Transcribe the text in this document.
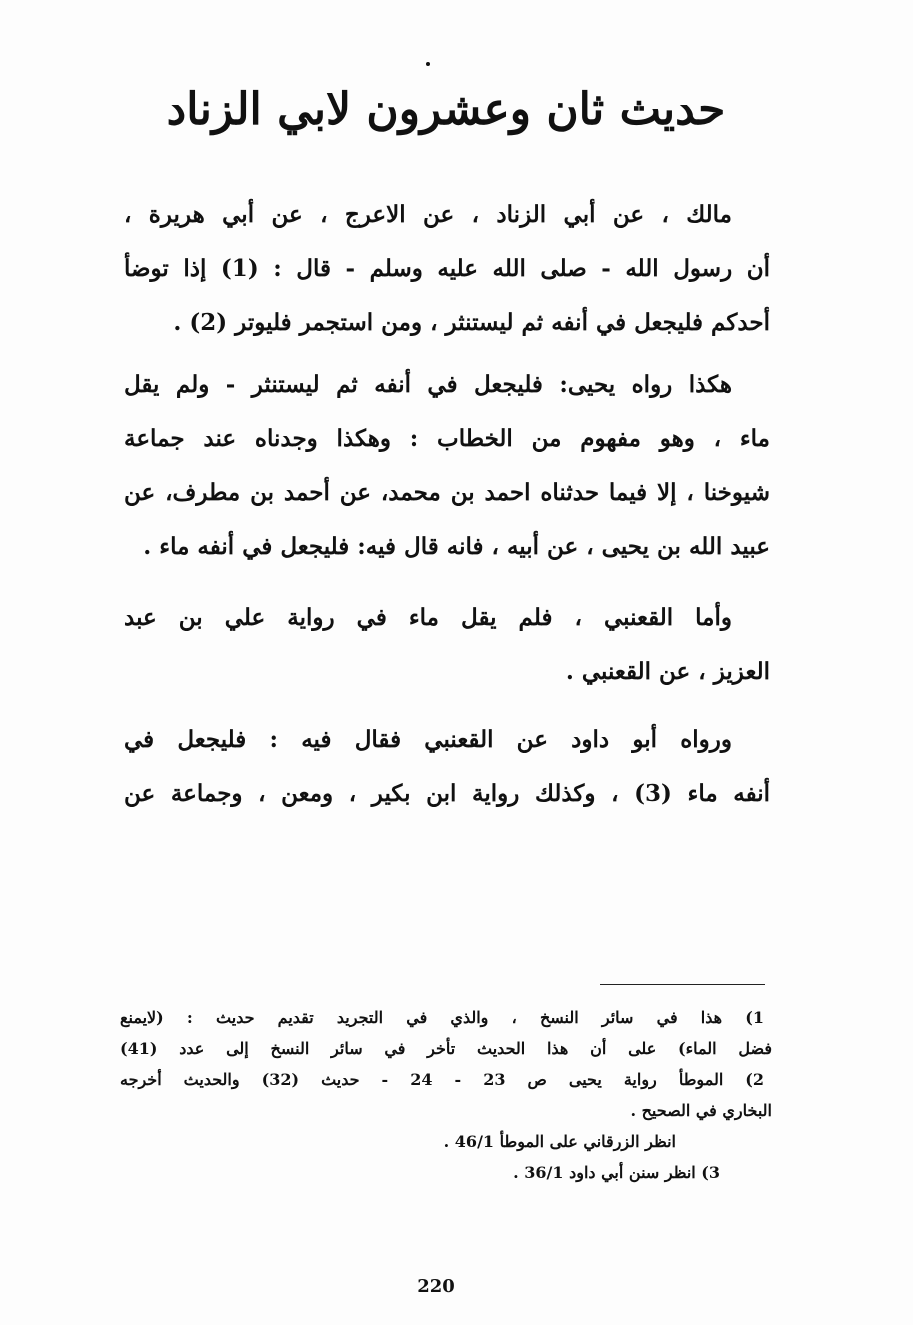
حديث ثان وعشرون لابي الزناد
مالك ، عن أبي الزناد ، عن الاعرج ، عن أبي هريرة ،
أن رسول الله - صلى الله عليه وسلم - قال : (1) إذا توضأ
أحدكم فليجعل في أنفه ثم ليستنثر ، ومن استجمر فليوتر (2) .
هكذا رواه يحيى: فليجعل في أنفه ثم ليستنثر - ولم يقل
ماء ، وهو مفهوم من الخطاب : وهكذا وجدناه عند جماعة
شيوخنا ، إلا فيما حدثناه احمد بن محمد، عن أحمد بن مطرف، عن
عبيد الله بن يحيى ، عن أبيه ، فانه قال فيه: فليجعل في أنفه ماء .
وأما القعنبي ، فلم يقل ماء في رواية علي بن عبد
العزيز ، عن القعنبي .
ورواه أبو داود عن القعنبي فقال فيه : فليجعل في
أنفه ماء (3) ، وكذلك رواية ابن بكير ، ومعن ، وجماعة عن
1) هذا في سائر النسخ ، والذي في التجريد تقديم حديث : (لايمنع
فضل الماء) على أن هذا الحديث تأخر في سائر النسخ إلى عدد (41)
2) الموطأ رواية يحيى ص 23 - 24 - حديث (32) والحديث أخرجه
البخاري في الصحيح .
انظر الزرقاني على الموطأ 46/1 .
3) انظر سنن أبي داود 36/1 .
220
